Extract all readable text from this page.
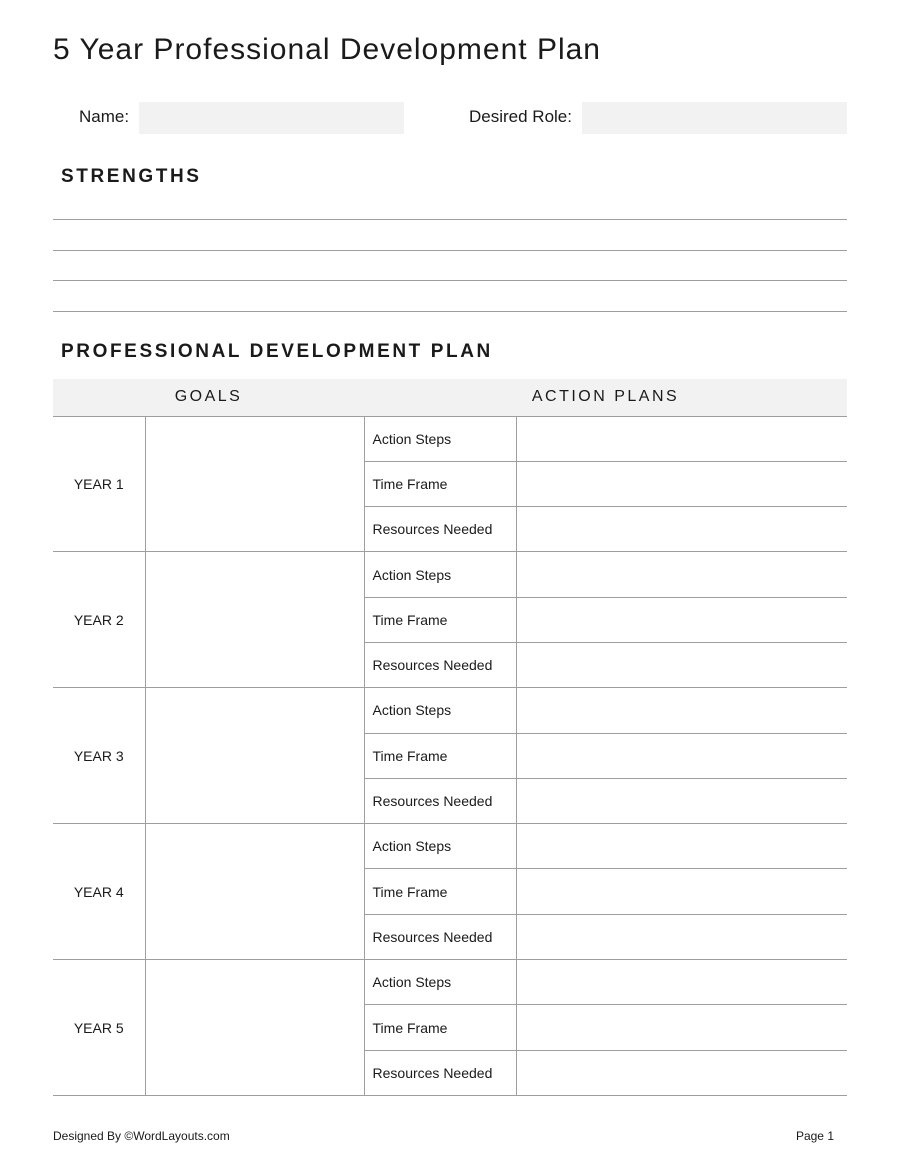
5 Year Professional Development Plan
Name:	Desired Role:
STRENGTHS
PROFESSIONAL DEVELOPMENT PLAN
GOALS		ACTION PLANS	
YEAR 1		Action Steps	
		Time Frame	
		Resources Needed	
YEAR 2		Action Steps	
		Time Frame	
		Resources Needed	
YEAR 3		Action Steps	
		Time Frame	
		Resources Needed	
YEAR 4		Action Steps	
		Time Frame	
		Resources Needed	
YEAR 5		Action Steps	
		Time Frame	
		Resources Needed	
Designed By ©WordLayouts.com	Page 1
